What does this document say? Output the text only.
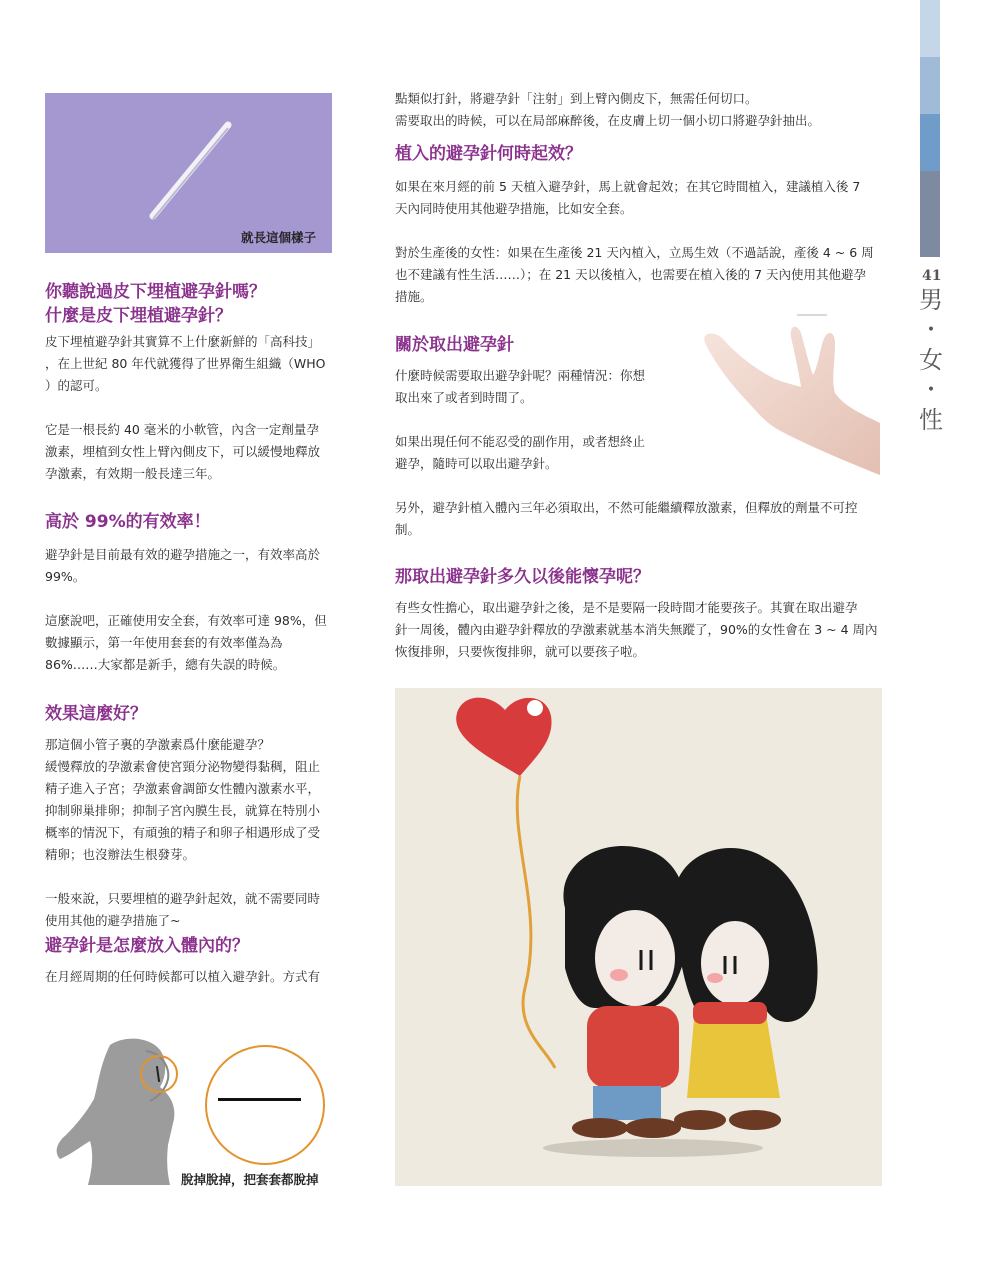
41
男
•
女
•
性
就長這個樣子
你聽說過皮下埋植避孕針嗎？
什麼是皮下埋植避孕針？
皮下埋植避孕針其實算不上什麼新鮮的「高科技」
，在上世紀 80 年代就獲得了世界衛生組織（WHO
）的認可。
它是一根長約 40 毫米的小軟管，內含一定劑量孕
激素，埋植到女性上臂內側皮下，可以緩慢地釋放
孕激素，有效期一般長達三年。
高於 99%的有效率！
避孕針是目前最有效的避孕措施之一，有效率高於
99%。
這麼說吧，正確使用安全套，有效率可達 98%，但
數據顯示，第一年使用套套的有效率僅為為
86%……大家都是新手，總有失誤的時候。
效果這麼好？
那這個小管子裏的孕激素爲什麼能避孕？
緩慢釋放的孕激素會使宮頸分泌物變得黏稠，阻止
精子進入子宮；孕激素會調節女性體內激素水平，
抑制卵巢排卵；抑制子宮內膜生長，就算在特別小
概率的情況下，有頑強的精子和卵子相遇形成了受
精卵；也沒辦法生根發芽。
一般來說，只要埋植的避孕針起效，就不需要同時
使用其他的避孕措施了~
避孕針是怎麼放入體內的？
在月經周期的任何時候都可以植入避孕針。方式有
脫掉脫掉，把套套都脫掉
點類似打針，將避孕針「注射」到上臂內側皮下，無需任何切口。
需要取出的時候，可以在局部麻醉後，在皮膚上切一個小切口將避孕針抽出。
植入的避孕針何時起效？
如果在來月經的前 5 天植入避孕針，馬上就會起效；在其它時間植入，建議植入後 7
天內同時使用其他避孕措施，比如安全套。
對於生產後的女性：如果在生產後 21 天內植入，立馬生效（不過話說，產後 4 ~ 6 周
也不建議有性生活……）；在 21 天以後植入，也需要在植入後的 7 天內使用其他避孕
措施。
關於取出避孕針
什麼時候需要取出避孕針呢？兩種情況：你想
取出來了或者到時間了。
如果出現任何不能忍受的副作用，或者想終止
避孕，隨時可以取出避孕針。
另外，避孕針植入體內三年必須取出，不然可能繼續釋放激素，但釋放的劑量不可控
制。
那取出避孕針多久以後能懷孕呢？
有些女性擔心，取出避孕針之後，是不是要隔一段時間才能要孩子。其實在取出避孕
針一周後，體內由避孕針釋放的孕激素就基本消失無蹤了，90%的女性會在 3 ~ 4 周內
恢復排卵，只要恢復排卵，就可以要孩子啦。
